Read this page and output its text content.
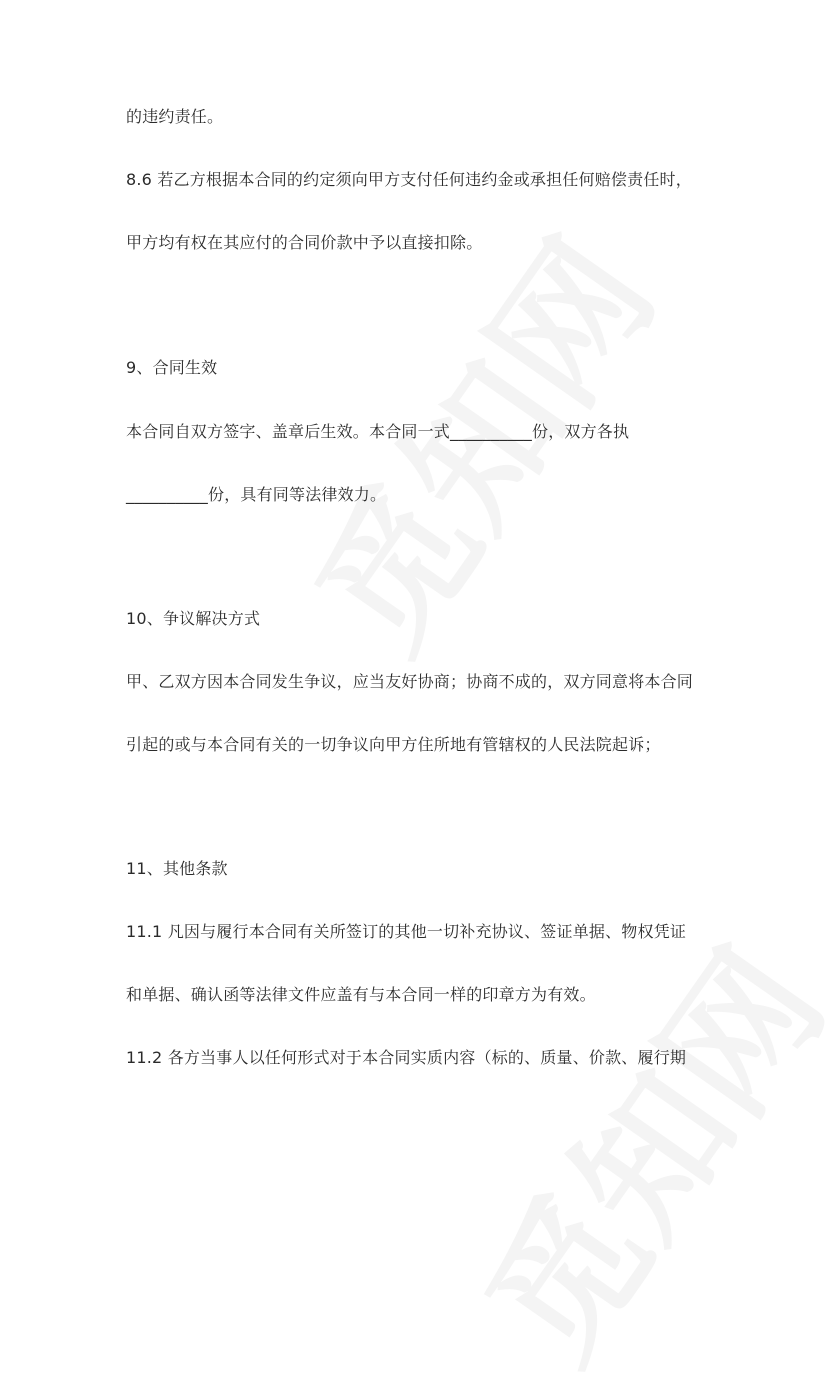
的违约责任。
8.6 若乙方根据本合同的约定须向甲方支付任何违约金或承担任何赔偿责任时，
甲方均有权在其应付的合同价款中予以直接扣除。
9、合同生效
本合同自双方签字、盖章后生效。本合同一式__________份，双方各执
__________份，具有同等法律效力。
10、争议解决方式
甲、乙双方因本合同发生争议，应当友好协商；协商不成的，双方同意将本合同
引起的或与本合同有关的一切争议向甲方住所地有管辖权的人民法院起诉；
11、其他条款
11.1 凡因与履行本合同有关所签订的其他一切补充协议、签证单据、物权凭证
和单据、确认函等法律文件应盖有与本合同一样的印章方为有效。
11.2 各方当事人以任何形式对于本合同实质内容（标的、质量、价款、履行期
